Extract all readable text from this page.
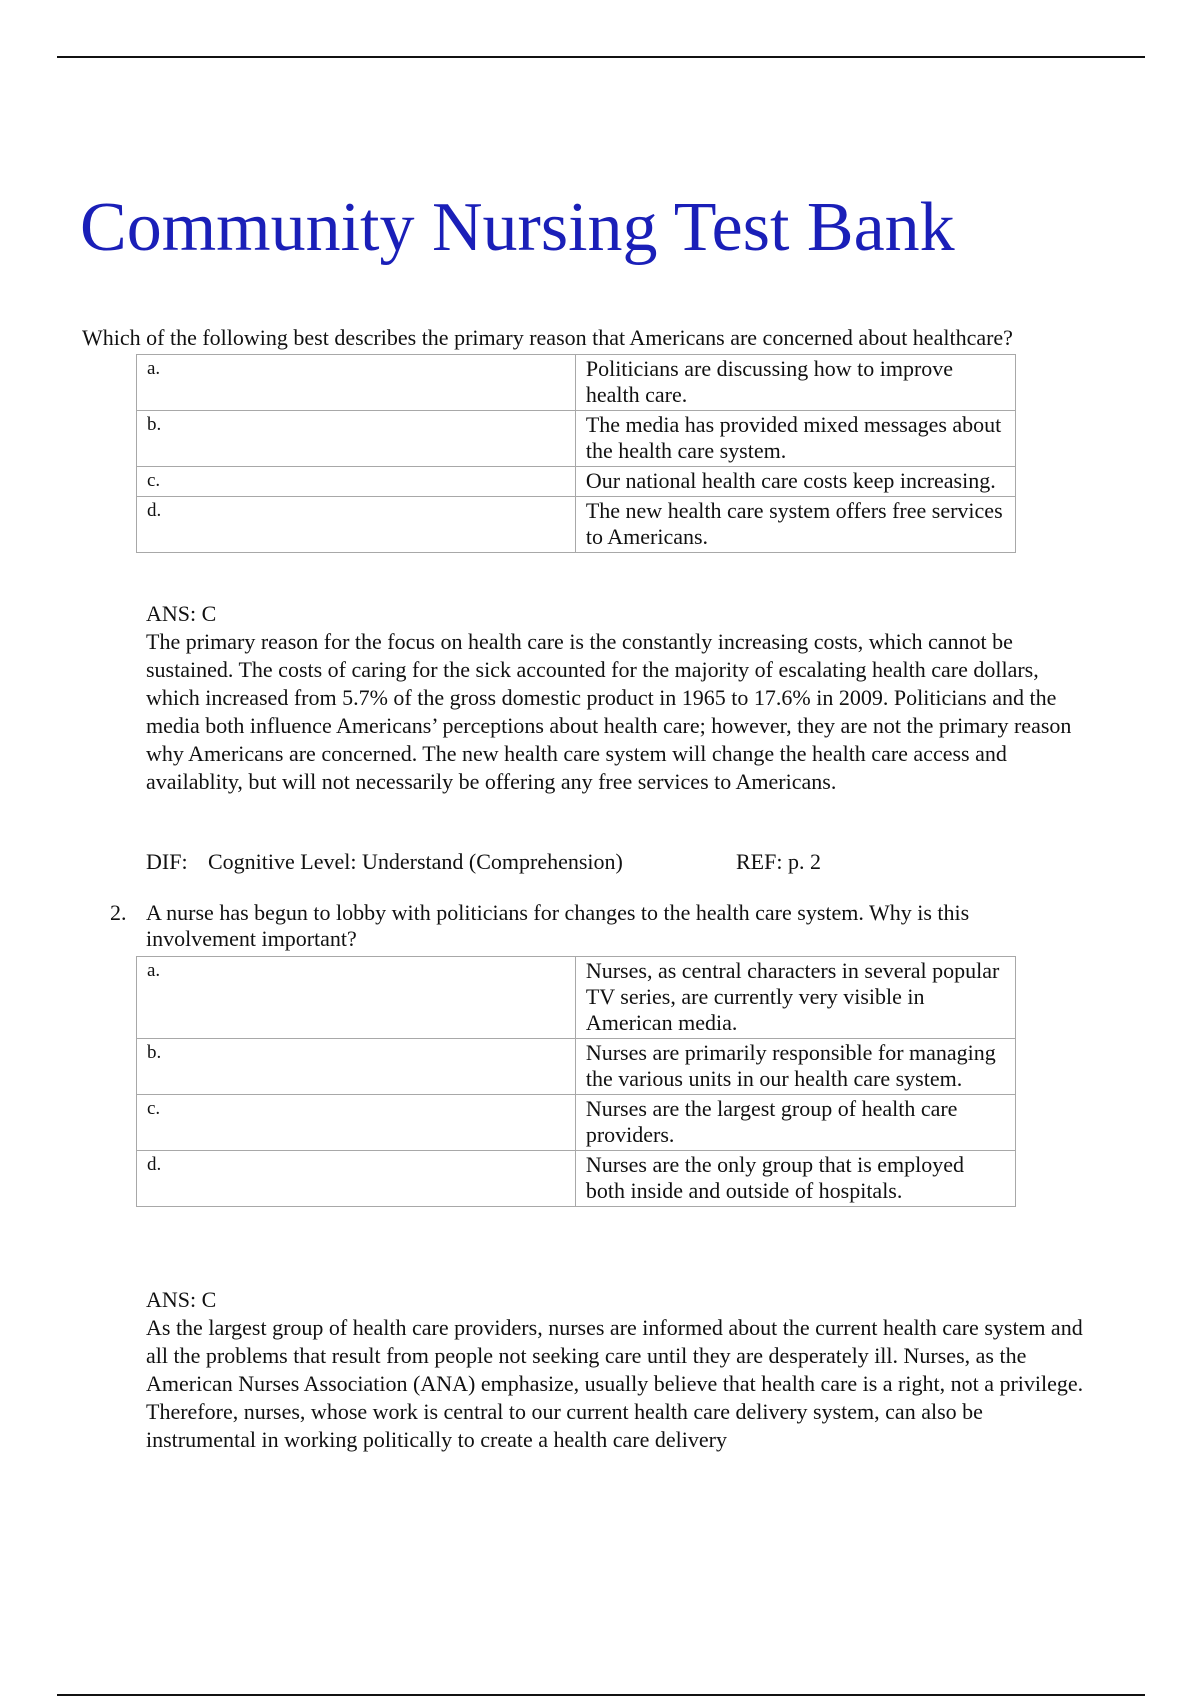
Community Nursing Test Bank
Which of the following best describes the primary reason that Americans are concerned about healthcare?
a.	Politicians are discussing how to improve health care.
b.	The media has provided mixed messages about the health care system.
c.	Our national health care costs keep increasing.
d.	The new health care system offers free services to Americans.
ANS: C

The primary reason for the focus on health care is the constantly increasing costs, which cannot be sustained. The costs of caring for the sick accounted for the majority of escalating health care dollars, which increased from 5.7% of the gross domestic product in 1965 to 17.6% in 2009. Politicians and the media both influence Americans’ perceptions about health care; however, they are not the primary reason why Americans are concerned. The new health care system will change the health care access and availablity, but will not necessarily be offering any free services to Americans.

DIF: Cognitive Level: Understand (Comprehension)	REF: p. 2
2. A nurse has begun to lobby with politicians for changes to the health care system. Why is this involvement important?
a.	Nurses, as central characters in several popular TV series, are currently very visible in American media.
b.	Nurses are primarily responsible for managing the various units in our health care system.
c.	Nurses are the largest group of health care providers.
d.	Nurses are the only group that is employed both inside and outside of hospitals.
ANS: C

As the largest group of health care providers, nurses are informed about the current health care system and all the problems that result from people not seeking care until they are desperately ill. Nurses, as the American Nurses Association (ANA) emphasize, usually believe that health care is a right, not a privilege. Therefore, nurses, whose work is central to our current health care delivery system, can also be instrumental in working politically to create a health care delivery
